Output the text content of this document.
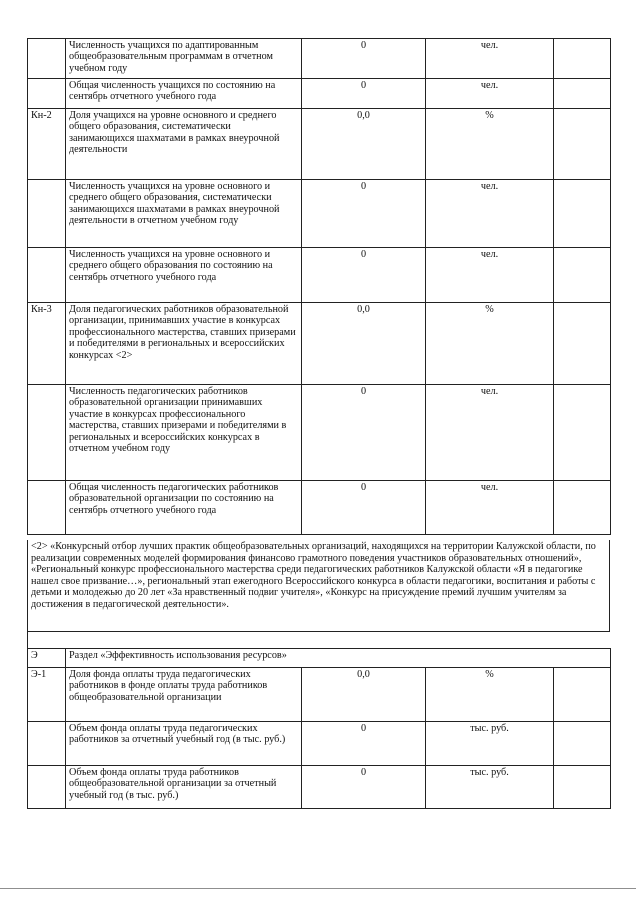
	Численность учащихся по адаптированным общеобразовательным программам в отчетном учебном году	0	чел.	
	Общая численность учащихся по состоянию на сентябрь отчетного учебного года	0	чел.	
Кн-2	Доля учащихся на уровне основного и среднего общего образования, систематически занимающихся шахматами в рамках внеурочной деятельности	0,0	%	
	Численность учащихся на уровне основного и среднего общего образования, систематически занимающихся шахматами в рамках внеурочной деятельности в отчетном учебном году	0	чел.	
	Численность учащихся на уровне основного и среднего общего образования по состоянию на сентябрь отчетного учебного года	0	чел.	
Кн-3	Доля педагогических работников образовательной организации, принимавших участие в конкурсах профессионального мастерства, ставших призерами и победителями в региональных и всероссийских конкурсах <2>	0,0	%	
	Численность педагогических работников образовательной организации принимавших участие в конкурсах профессионального мастерства, ставших призерами и победителями в региональных и всероссийских конкурсах в отчетном учебном году	0	чел.	
	Общая численность педагогических работников образовательной организации по состоянию на сентябрь отчетного учебного года	0	чел.	
<2> «Конкурсный отбор лучших практик общеобразовательных организаций, находящихся на территории Калужской области, по реализации современных моделей формирования финансово грамотного поведения участников образовательных отношений», «Региональный конкурс профессионального мастерства среди педагогических работников Калужской области «Я в педагогике нашел свое призвание…», региональный этап ежегодного Всероссийского конкурса в области педагогики, воспитания и работы с детьми и молодежью до 20 лет «За нравственный подвиг учителя», «Конкурс на присуждение премий лучшим учителям за достижения в педагогической деятельности».
Э	Раздел «Эффективность использования ресурсов»			
Э-1	Доля фонда оплаты труда педагогических работников в фонде оплаты труда работников общеобразовательной организации	0,0	%	
	Объем фонда оплаты труда педагогических работников за отчетный учебный год (в тыс. руб.)	0	тыс. руб.	
	Объем фонда оплаты труда работников общеобразовательной организации за отчетный учебный год (в тыс. руб.)	0	тыс. руб.	
